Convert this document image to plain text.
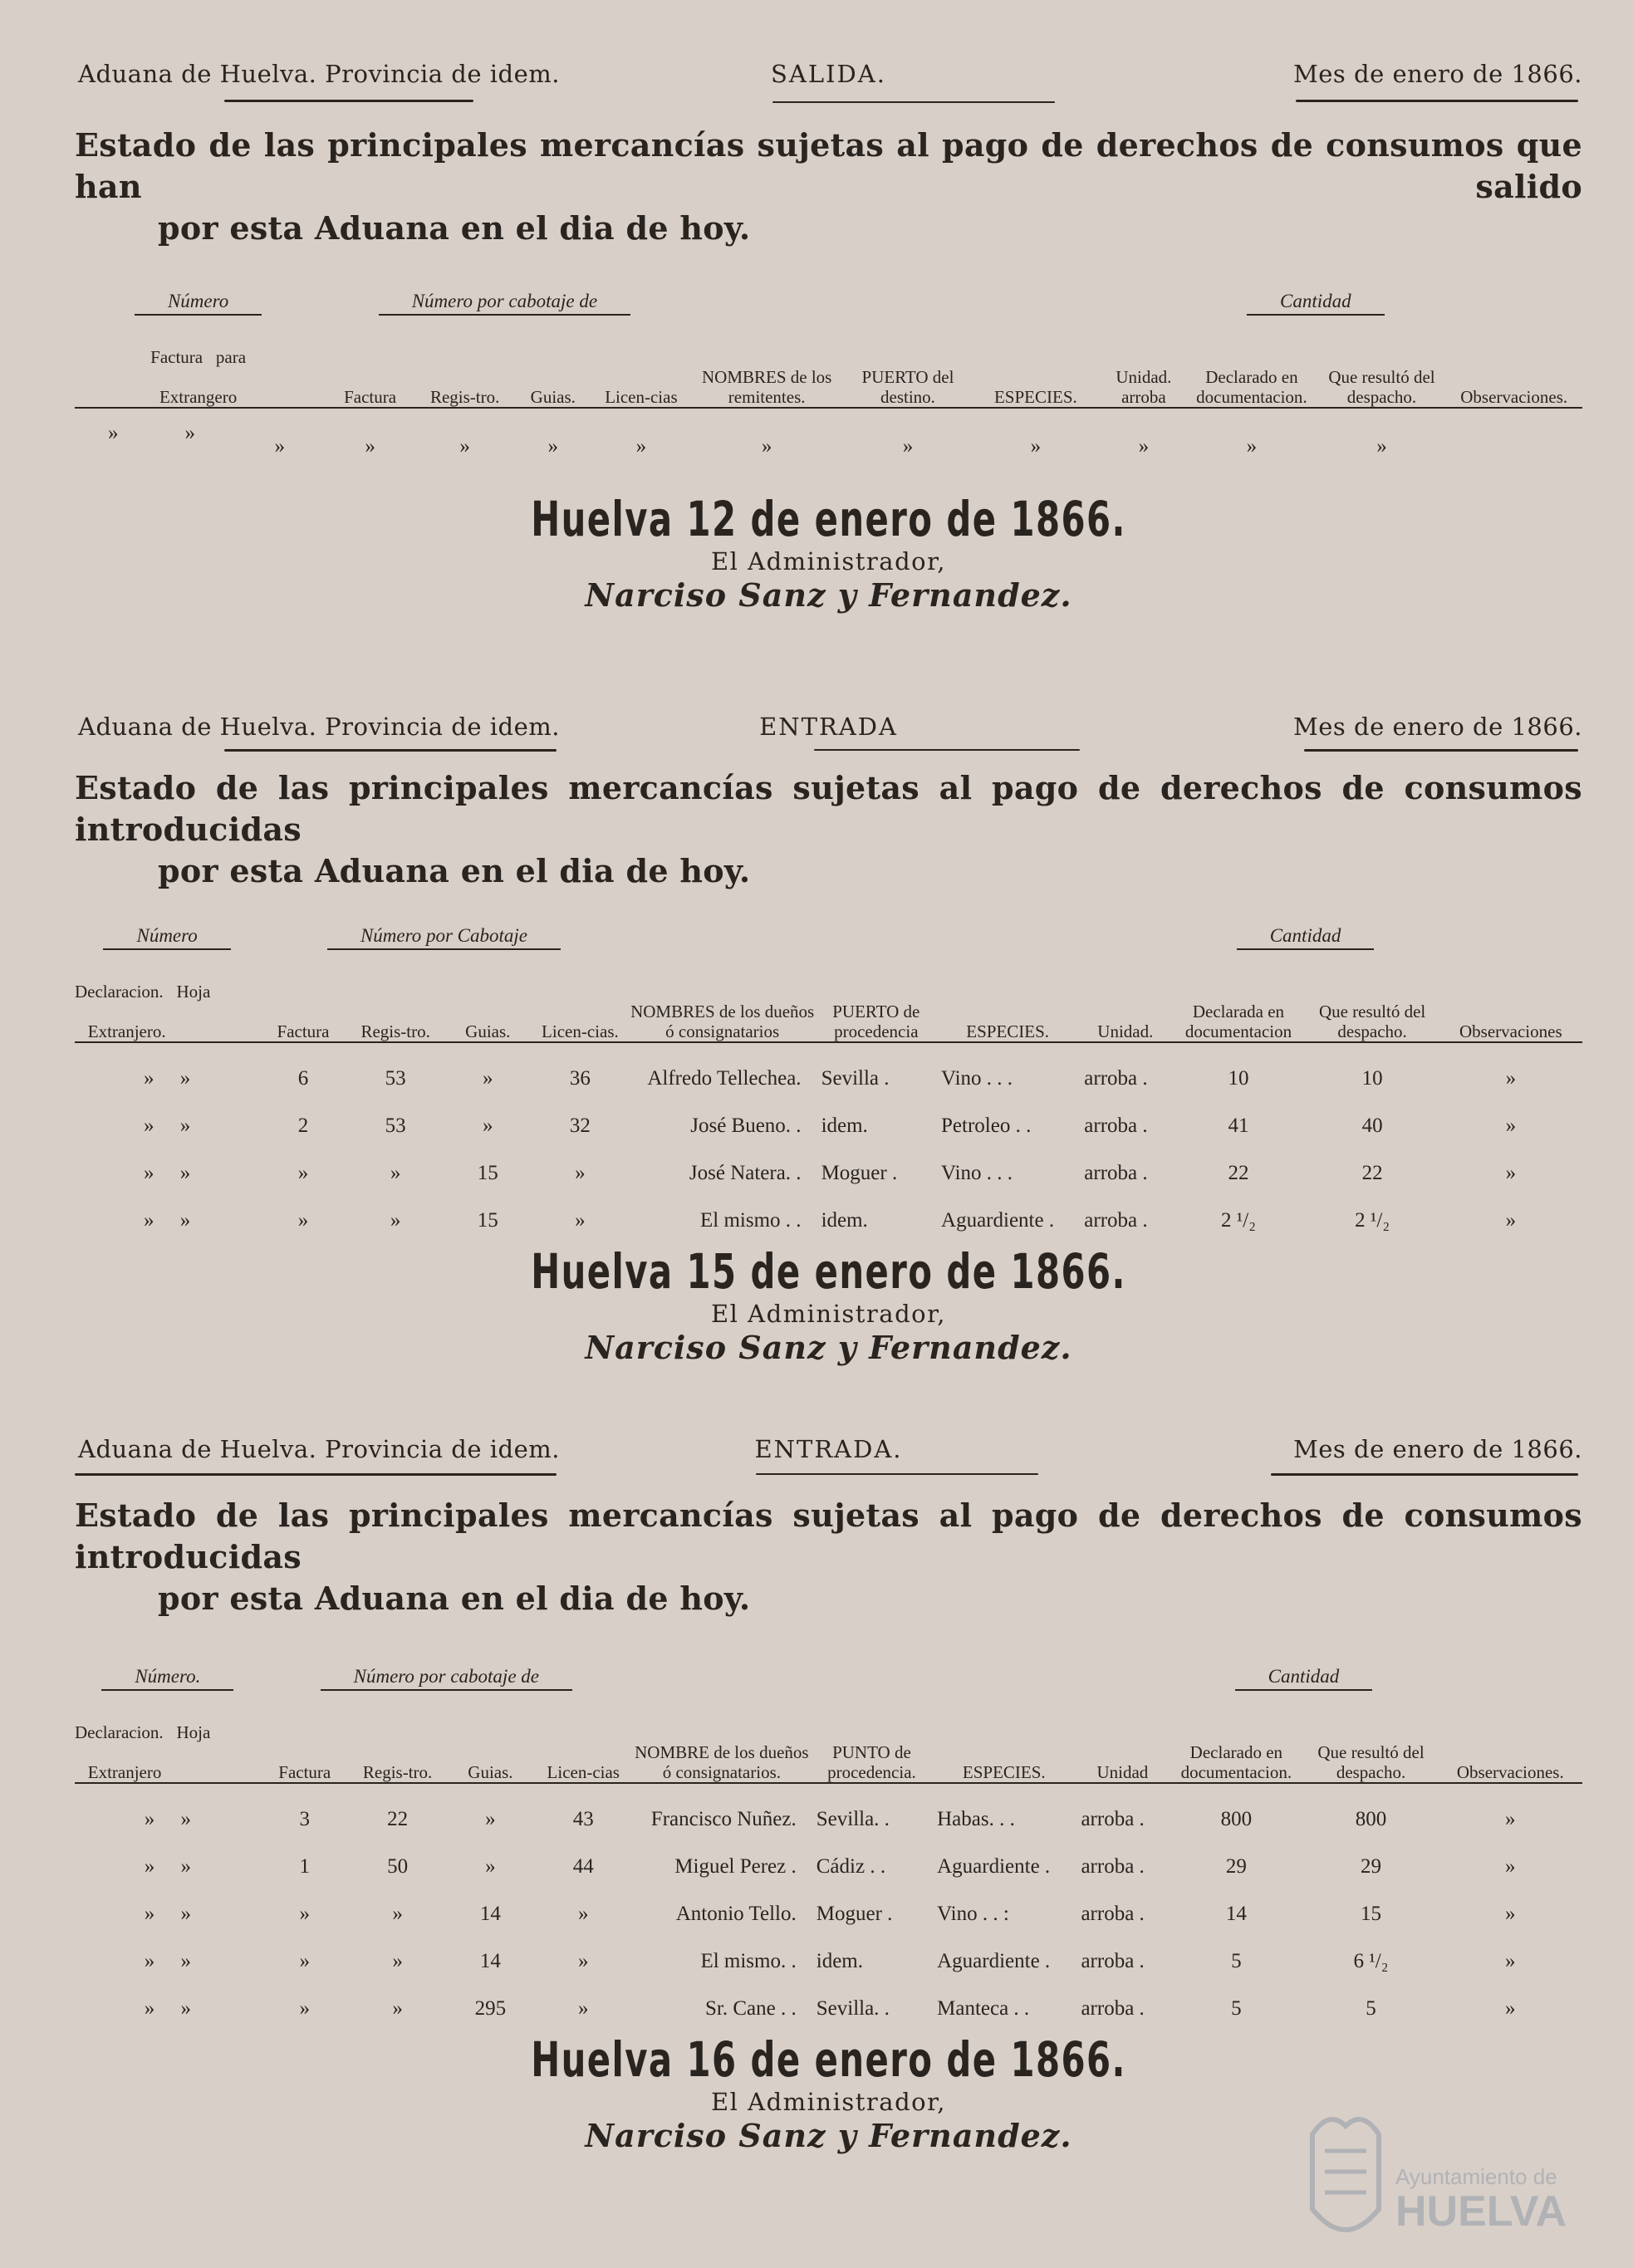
Aduana de Huelva. Provincia de idem.	SALIDA.	Mes de enero de 1866.
Estado de las principales mercancías sujetas al pago de derechos de consumos que han salido
por esta Aduana en el dia de hoy.
Número		Número por cabotaje de								Cantidad		

Factura para

Extrangero		Factura	Regis-tro.	Guias.	Licen-cias	NOMBRES de los remitentes.	PUERTO del destino.	ESPECIES.	Unidad. arroba	Declarado en documentacion.	Que resultó del despacho.	Observaciones.

»	»
»	»	»	»	»	»	»	»	»	»	»	
Huelva 12 de enero de 1866.
El Administrador,
Narciso Sanz y Fernandez.
Aduana de Huelva. Provincia de idem.	ENTRADA	Mes de enero de 1866.
Estado de las principales mercancías sujetas al pago de derechos de consumos introducidas
por esta Aduana en el dia de hoy.
Número	Número por Cabotaje								Cantidad		

Declaracion. Hoja

Extranjero.	Factura	Regis-tro.	Guias.	Licen-cias.	NOMBRES de los dueños ó consignatarios	PUERTO de procedencia	ESPECIES.	Unidad.	Declarada en documentacion	Que resultó del despacho.	Observaciones
» »	6	53	»	36	Alfredo Tellechea.	Sevilla .	Vino . . .	arroba .	10	10	»
» »	2	53	»	32	José Bueno. .	idem.	Petroleo . .	arroba .	41	40	»
» »	»	»	15	»	José Natera. .	Moguer .	Vino . . .	arroba .	22	22	»
» »	»	»	15	»	El mismo . .	idem.	Aguardiente .	arroba .	2 ¹/₂	2 ¹/₂	»
Huelva 15 de enero de 1866.
El Administrador,
Narciso Sanz y Fernandez.
Aduana de Huelva. Provincia de idem.	ENTRADA.	Mes de enero de 1866.
Estado de las principales mercancías sujetas al pago de derechos de consumos introducidas
por esta Aduana en el dia de hoy.
Número.	Número por cabotaje de								Cantidad		

Declaracion. Hoja

Extranjero	Factura	Regis-tro.	Guias.	Licen-cias	NOMBRE de los dueños ó consignatarios.	PUNTO de procedencia.	ESPECIES.	Unidad	Declarado en documentacion.	Que resultó del despacho.	Observaciones.
» »	3	22	»	43	Francisco Nuñez.	Sevilla. .	Habas. . .	arroba .	800	800	»
» »	1	50	»	44	Miguel Perez .	Cádiz . .	Aguardiente .	arroba .	29	29	»
» »	»	»	14	»	Antonio Tello.	Moguer .	Vino . . :	arroba .	14	15	»
» »	»	»	14	»	El mismo. .	idem.	Aguardiente .	arroba .	5	6 ¹/₂	»
» »	»	»	295	»	Sr. Cane . .	Sevilla. .	Manteca . .	arroba .	5	5	»
Huelva 16 de enero de 1866.
El Administrador,
Narciso Sanz y Fernandez.
Ayuntamiento de
HUELVA
